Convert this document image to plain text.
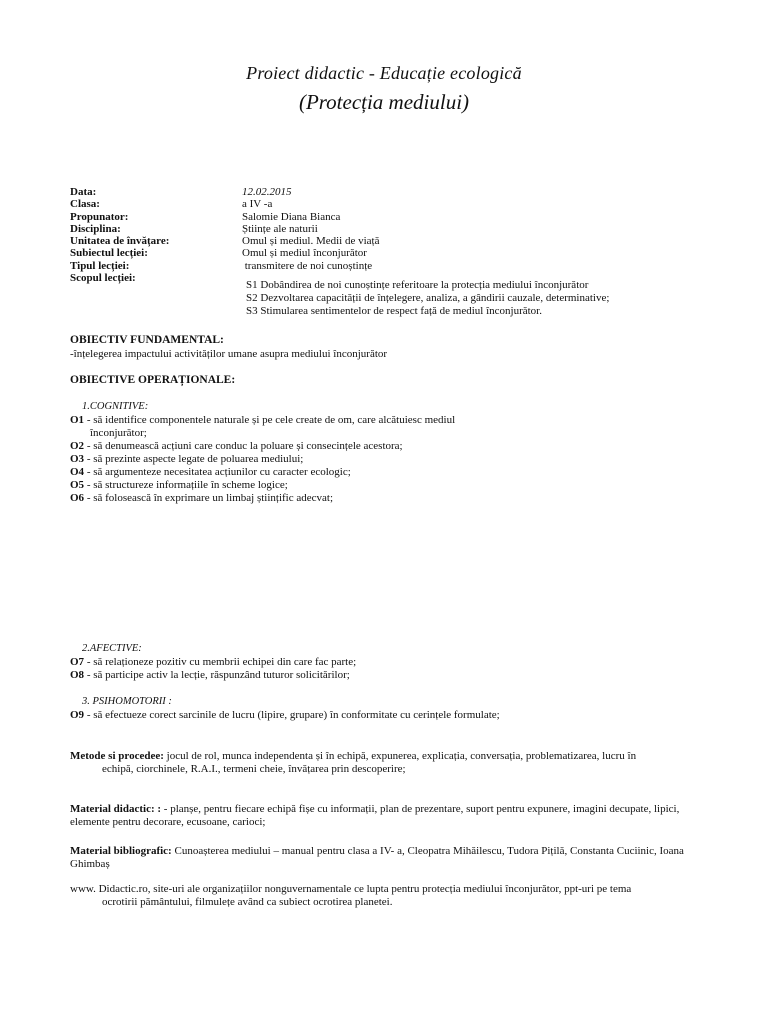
Proiect didactic - Educație ecologică
(Protecția mediului)
Data:	12.02.2015
Clasa:	a IV -a
Propunator:	Salomie Diana Bianca
Disciplina:	Științe ale naturii
Unitatea de învățare:	Omul și mediul. Medii de viață
Subiectul lecției:	Omul și mediul înconjurător
Tipul lecției:	transmitere de noi cunoștințe
Scopul lecției:
S1 Dobândirea de noi cunoștințe referitoare la protecția mediului înconjurător
S2 Dezvoltarea capacității de înțelegere, analiza, a gândirii cauzale, determinative;
S3 Stimularea sentimentelor de respect față de mediul înconjurător.
OBIECTIV FUNDAMENTAL:
-înțelegerea impactului activităților umane asupra mediului înconjurător
OBIECTIVE OPERAȚIONALE:
1.COGNITIVE:
O1 - să identifice componentele naturale și pe cele create de om, care alcătuiesc mediul
înconjurător;
O2 - să denumească acțiuni care conduc la poluare și consecințele acestora;
O3 - să prezinte aspecte legate de poluarea mediului;
O4 - să argumenteze necesitatea acțiunilor cu caracter ecologic;
O5 - să structureze informațiile în scheme logice;
O6 - să folosească în exprimare un limbaj științific adecvat;
2.AFECTIVE:
O7 - să relaționeze pozitiv cu membrii echipei din care fac parte;
O8 - să participe activ la lecție, răspunzând tuturor solicitărilor;
3. PSIHOMOTORII :
O9 - să efectueze corect sarcinile de lucru (lipire, grupare) în conformitate cu cerințele formulate;
Metode si procedee: jocul de rol, munca independenta și în echipă, expunerea, explicația, conversația, problematizarea, lucru în
echipă, ciorchinele, R.A.I., termeni cheie, învățarea prin descoperire;
Material didactic: : - planșe, pentru fiecare echipă fișe cu informații, plan de prezentare, suport pentru expunere, imagini decupate, lipici, elemente pentru decorare, ecusoane, carioci;
Material bibliografic: Cunoașterea mediului – manual pentru clasa a IV- a, Cleopatra Mihăilescu, Tudora Pițilă, Constanta Cuciinic, Ioana Ghimbaș
www. Didactic.ro, site-uri ale organizațiilor nonguvernamentale ce lupta pentru protecția mediului înconjurător, ppt-uri pe tema
ocrotirii pământului, filmulețe având ca subiect ocrotirea planetei.
